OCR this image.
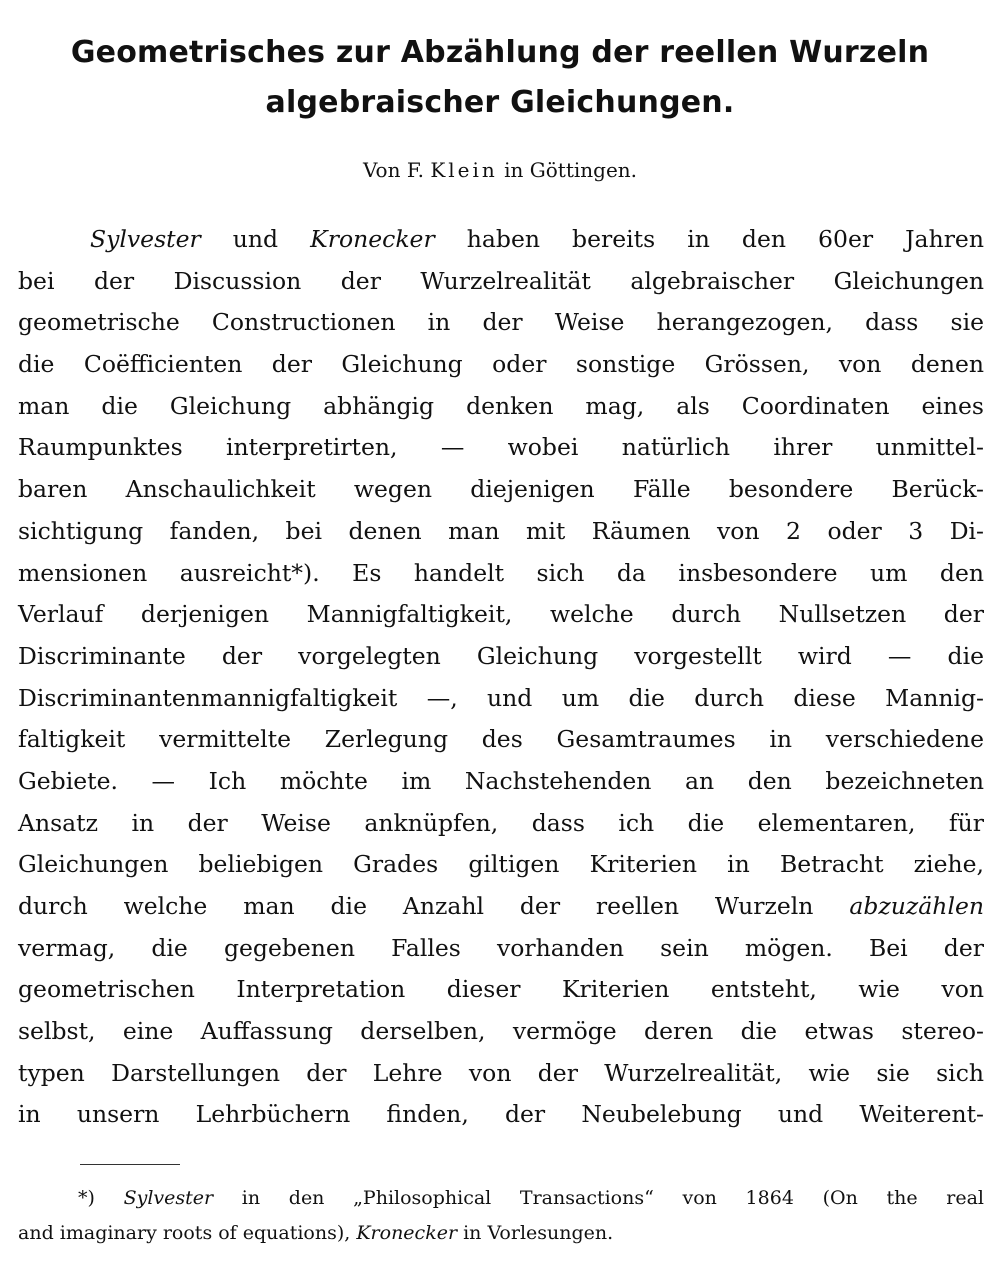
Geometrisches zur Abzählung der reellen Wurzeln
algebraischer Gleichungen.
Von F. Klein in Göttingen.
Sylvester und Kronecker haben bereits in den 60er Jahren
bei der Discussion der Wurzelrealität algebraischer Gleichungen
geometrische Constructionen in der Weise herangezogen, dass sie
die Coëfficienten der Gleichung oder sonstige Grössen, von denen
man die Gleichung abhängig denken mag, als Coordinaten eines
Raumpunktes interpretirten, — wobei natürlich ihrer unmittel-
baren Anschaulichkeit wegen diejenigen Fälle besondere Berück-
sichtigung fanden, bei denen man mit Räumen von 2 oder 3 Di-
mensionen ausreicht*). Es handelt sich da insbesondere um den
Verlauf derjenigen Mannigfaltigkeit, welche durch Nullsetzen der
Discriminante der vorgelegten Gleichung vorgestellt wird — die
Discriminantenmannigfaltigkeit —, und um die durch diese Mannig-
faltigkeit vermittelte Zerlegung des Gesamtraumes in verschiedene
Gebiete. — Ich möchte im Nachstehenden an den bezeichneten
Ansatz in der Weise anknüpfen, dass ich die elementaren, für
Gleichungen beliebigen Grades giltigen Kriterien in Betracht ziehe,
durch welche man die Anzahl der reellen Wurzeln abzuzählen
vermag, die gegebenen Falles vorhanden sein mögen. Bei der
geometrischen Interpretation dieser Kriterien entsteht, wie von
selbst, eine Auffassung derselben, vermöge deren die etwas stereo-
typen Darstellungen der Lehre von der Wurzelrealität, wie sie sich
in unsern Lehrbüchern finden, der Neubelebung und Weiterent-
*) Sylvester in den „Philosophical Transactions“ von 1864 (On the real
and imaginary roots of equations), Kronecker in Vorlesungen.
